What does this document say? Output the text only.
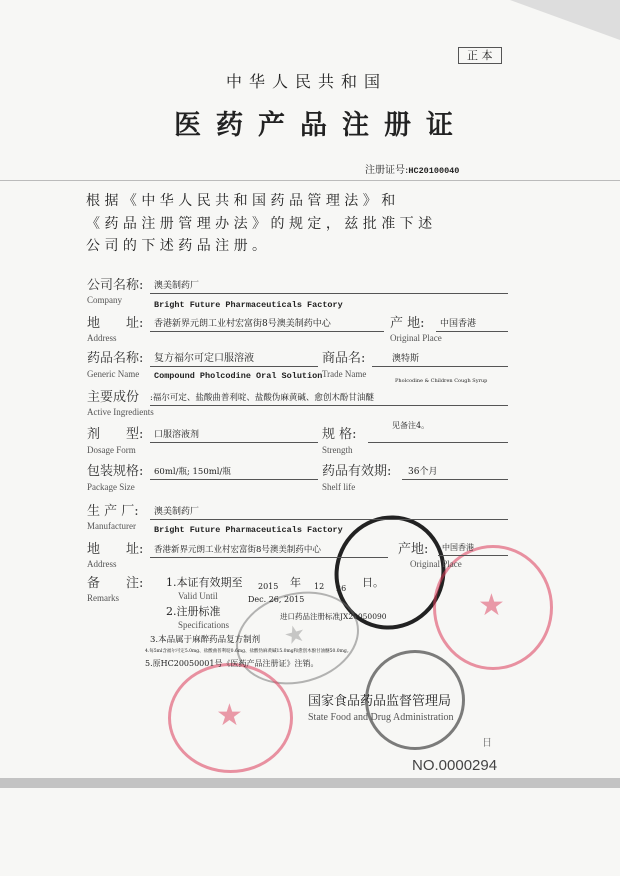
★
★
★
正 本
中华人民共和国
医药产品注册证
注册证号:HC20100040
根 据 《 中 华 人 民 共 和 国 药 品 管 理 法 》 和
《 药 品 注 册 管 理 办 法 》 的 规 定 ， 兹 批 准 下 述
公 司 的 下 述 药 品 注 册 。
公司名称:
Company
澳美制药厂
Bright Future Pharmaceuticals Factory
地　　址:
Address
香港新界元朗工业村宏富街8号澳美制药中心	产 地:
Original Place
中国香港
药品名称:
Generic Name
复方福尔可定口服溶液
Compound Pholcodine Oral Solution
商品名:
Trade Name
澳特斯
Pholcodine & Children Cough Syrup
主要成份
Active Ingredients
:福尔可定、盐酸曲普利啶、盐酸伪麻黄碱、愈创木酚甘油醚
剂　　型:
Dosage Form
口服溶液剂	规 格:
Strength
见备注4。
包装规格:
Package Size
60ml/瓶; 150ml/瓶	药品有效期:
Shelf life
36个月
生 产 厂:
Manufacturer
澳美制药厂
Bright Future Pharmaceuticals Factory
地　　址:
Address
香港新界元朗工业村宏富街8号澳美制药中心	产地:
Original Place
中国香港
备　　注:
Remarks
1.本证有效期至
Valid Until
2015 年 12 26 日。
Dec. 26, 2015
2.注册标准
Specifications
进口药品注册标准JX20050090
3.本品属于麻醉药品复方制剂
4.每5ml含福尔可定5.0mg、盐酸曲普利啶0.6mg、盐酸伪麻黄碱15.0mg和愈创木酚甘油醚50.0mg。
5.原HC20050001号《医药产品注册证》注销。
国家食品药品监督管理局
State Food and Drug Administration
日
NO.0000294
